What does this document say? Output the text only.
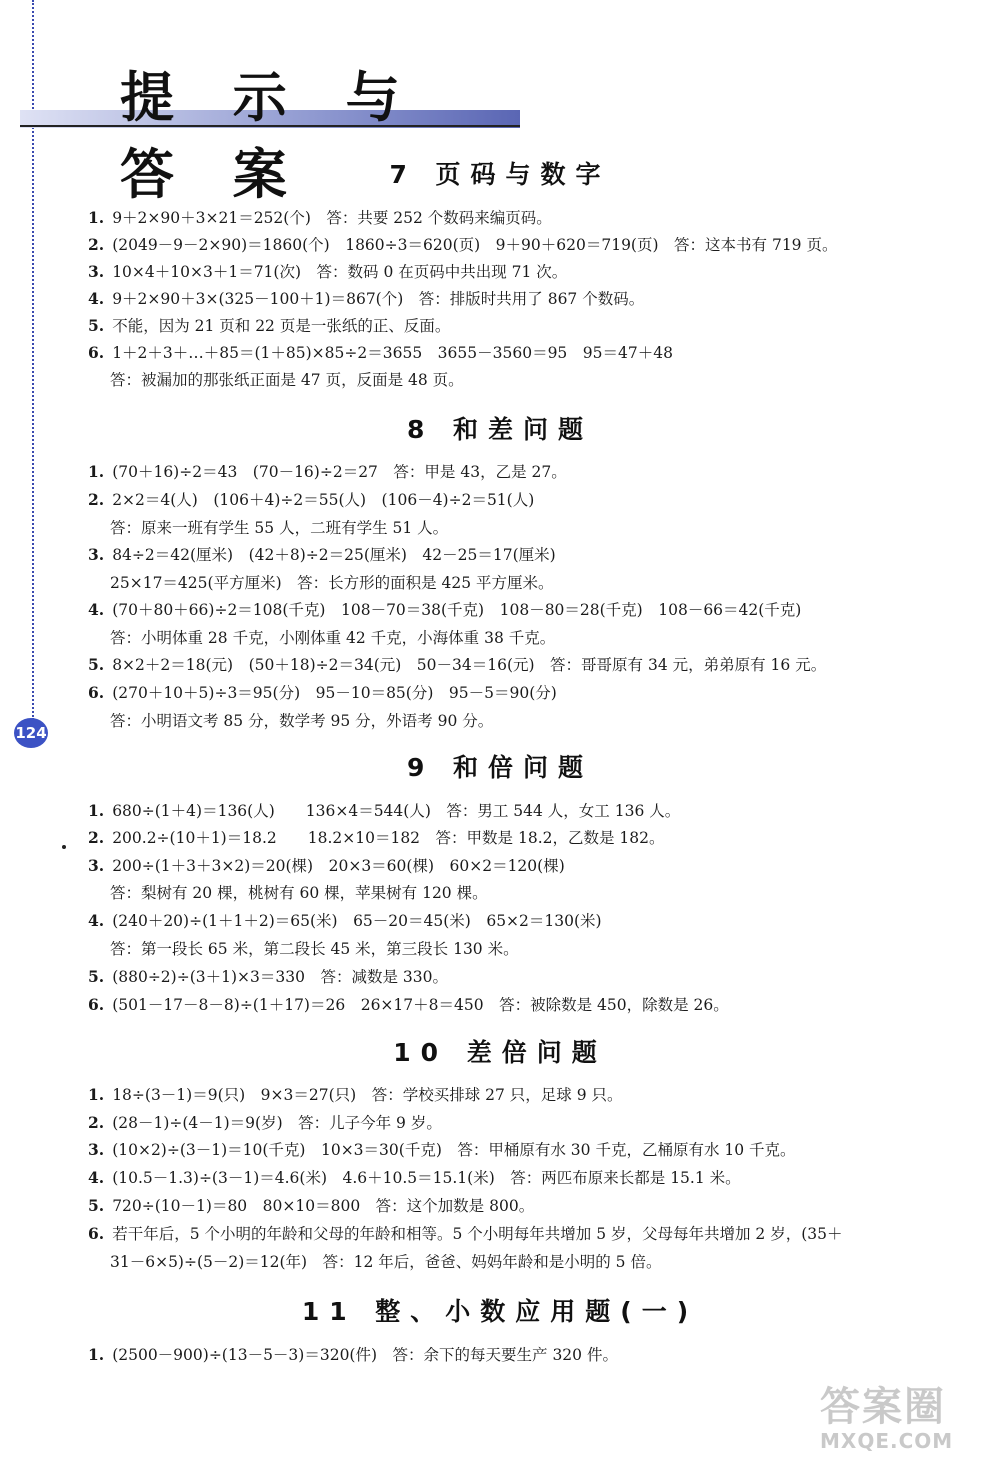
124
提 示 与 答 案	7 页码与数字
1. 9＋2×90＋3×21＝252(个)　答：共要 252 个数码来编页码。
2. (2049－9－2×90)＝1860(个)　1860÷3＝620(页)　9＋90＋620＝719(页)　答：这本书有 719 页。
3. 10×4＋10×3＋1＝71(次)　答：数码 0 在页码中共出现 71 次。
4. 9＋2×90＋3×(325－100＋1)＝867(个)　答：排版时共用了 867 个数码。
5. 不能，因为 21 页和 22 页是一张纸的正、反面。
6. 1＋2＋3＋…＋85＝(1＋85)×85÷2＝3655　3655－3560＝95　95＝47＋48
答：被漏加的那张纸正面是 47 页，反面是 48 页。
8 和差问题
1. (70＋16)÷2＝43　(70－16)÷2＝27　答：甲是 43，乙是 27。
2. 2×2＝4(人)　(106＋4)÷2＝55(人)　(106－4)÷2＝51(人)
答：原来一班有学生 55 人，二班有学生 51 人。
3. 84÷2＝42(厘米)　(42＋8)÷2＝25(厘米)　42－25＝17(厘米)
25×17＝425(平方厘米)　答：长方形的面积是 425 平方厘米。
4. (70＋80＋66)÷2＝108(千克)　108－70＝38(千克)　108－80＝28(千克)　108－66＝42(千克)
答：小明体重 28 千克，小刚体重 42 千克，小海体重 38 千克。
5. 8×2＋2＝18(元)　(50＋18)÷2＝34(元)　50－34＝16(元)　答：哥哥原有 34 元，弟弟原有 16 元。
6. (270＋10＋5)÷3＝95(分)　95－10＝85(分)　95－5＝90(分)
答：小明语文考 85 分，数学考 95 分，外语考 90 分。
9 和倍问题
1. 680÷(1＋4)＝136(人)　　136×4＝544(人)　答：男工 544 人，女工 136 人。
2. 200.2÷(10＋1)＝18.2　　18.2×10＝182　答：甲数是 18.2，乙数是 182。
3. 200÷(1＋3＋3×2)＝20(棵)　20×3＝60(棵)　60×2＝120(棵)
答：梨树有 20 棵，桃树有 60 棵，苹果树有 120 棵。
4. (240＋20)÷(1＋1＋2)＝65(米)　65－20＝45(米)　65×2＝130(米)
答：第一段长 65 米，第二段长 45 米，第三段长 130 米。
5. (880÷2)÷(3＋1)×3＝330　答：减数是 330。
6. (501－17－8－8)÷(1＋17)＝26　26×17＋8＝450　答：被除数是 450，除数是 26。
10 差倍问题
1. 18÷(3－1)＝9(只)　9×3＝27(只)　答：学校买排球 27 只，足球 9 只。
2. (28－1)÷(4－1)＝9(岁)　答：儿子今年 9 岁。
3. (10×2)÷(3－1)＝10(千克)　10×3＝30(千克)　答：甲桶原有水 30 千克，乙桶原有水 10 千克。
4. (10.5－1.3)÷(3－1)＝4.6(米)　4.6＋10.5＝15.1(米)　答：两匹布原来长都是 15.1 米。
5. 720÷(10－1)＝80　80×10＝800　答：这个加数是 800。
6. 若干年后，5 个小明的年龄和父母的年龄和相等。5 个小明每年共增加 5 岁，父母每年共增加 2 岁，(35＋
31－6×5)÷(5－2)＝12(年)　答：12 年后，爸爸、妈妈年龄和是小明的 5 倍。
11 整、小数应用题(一)
1. (2500－900)÷(13－5－3)＝320(件)　答：余下的每天要生产 320 件。
答案圈
MXQE.COM
